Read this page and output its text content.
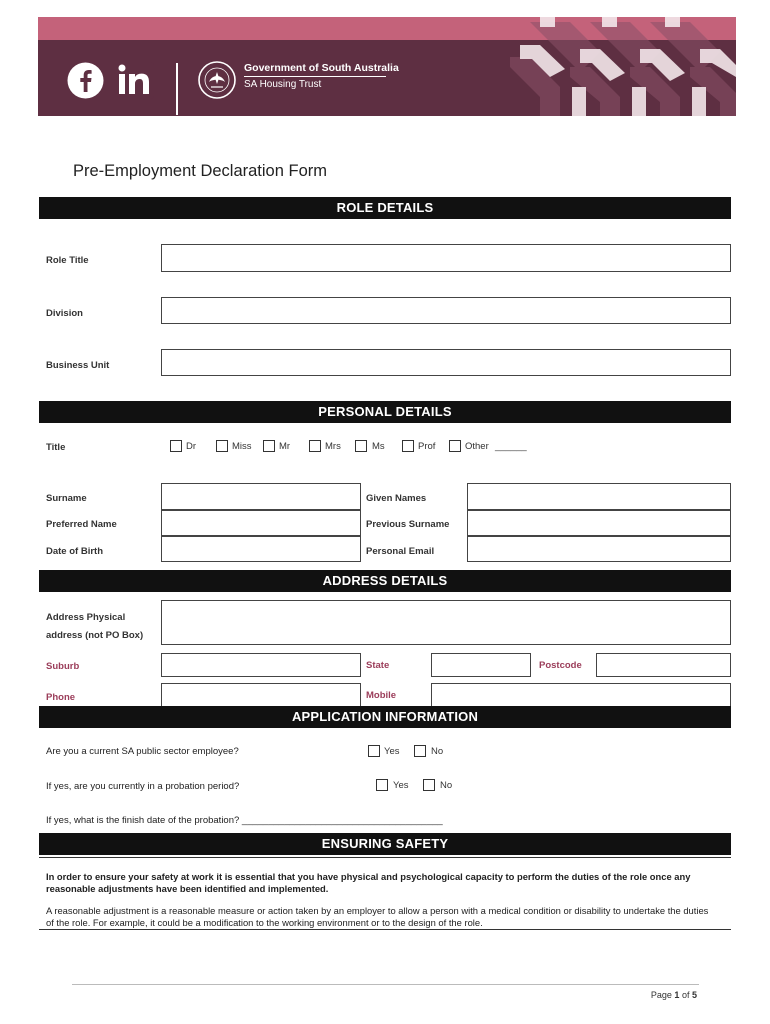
Government of South Australia
SA Housing Trust
Pre-Employment Declaration Form
ROLE DETAILS
Role Title
Division
Business Unit
PERSONAL DETAILS
Title	Dr	Miss	Mr	Mrs	Ms	Prof	Other ______
Surname	Given Names
Preferred Name	Previous Surname
Date of Birth	Personal Email
ADDRESS DETAILS
Address Physical
address (not PO Box)
Suburb	State	Postcode
Phone	Mobile
APPLICATION INFORMATION
Are you a current SA public sector employee?	Yes	No
If yes, are you currently in a probation period?	Yes	No
If yes, what is the finish date of the probation? ______________________________________
ENSURING SAFETY
In order to ensure your safety at work it is essential that you have physical and psychological capacity to perform the duties of the role once any reasonable adjustments have been identified and implemented.
A reasonable adjustment is a reasonable measure or action taken by an employer to allow a person with a medical condition or disability to undertake the duties of the role. For example, it could be a modification to the working environment or to the design of the role.
Page 1 of 5
